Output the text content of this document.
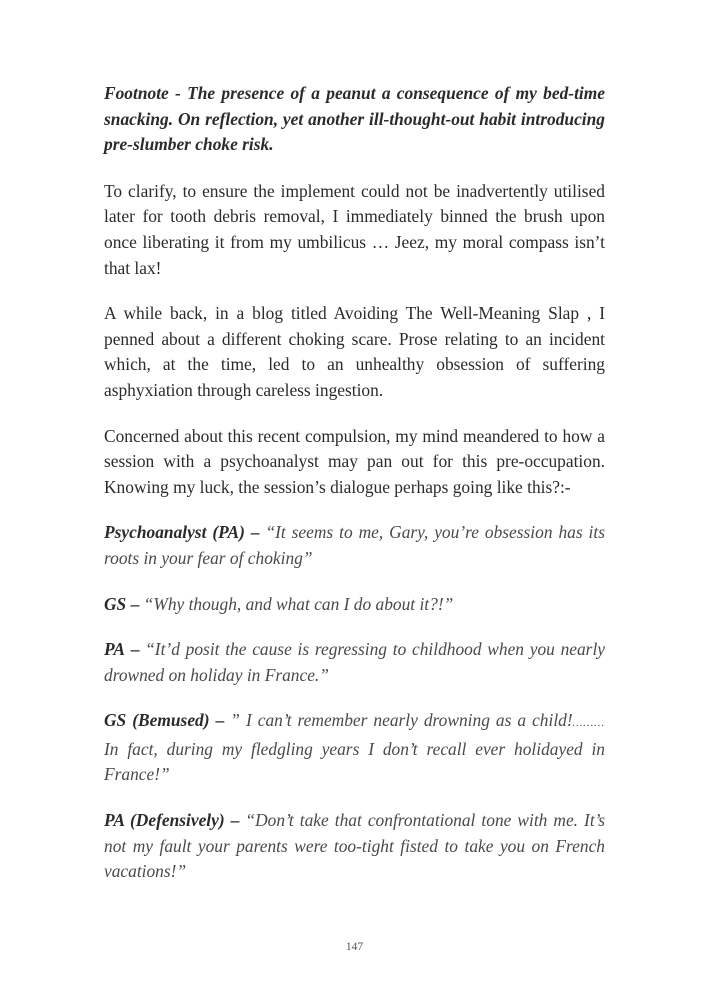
Footnote - The presence of a peanut a consequence of my bed-time snacking. On reflection, yet another ill-thought-out habit introducing pre-slumber choke risk.

To clarify, to ensure the implement could not be inadvertently utilised later for tooth debris removal, I immediately binned the brush upon once liberating it from my umbilicus … Jeez, my moral compass isn’t that lax!

A while back, in a blog titled Avoiding The Well-Meaning Slap , I penned about a different choking scare. Prose relating to an incident which, at the time, led to an unhealthy obsession of suffering asphyxiation through careless ingestion.

Concerned about this recent compulsion, my mind meandered to how a session with a psychoanalyst may pan out for this pre-occupation. Knowing my luck, the session’s dialogue perhaps going like this?:-

Psychoanalyst (PA) – “It seems to me, Gary, you’re obsession has its roots in your fear of choking”

GS – “Why though, and what can I do about it?!”

PA – “It’d posit the cause is regressing to childhood when you nearly drowned on holiday in France.”

GS (Bemused) – ” I can’t remember nearly drowning as a child!……… In fact, during my fledgling years I don’t recall ever holidayed in France!”

PA (Defensively) – “Don’t take that confrontational tone with me. It’s not my fault your parents were too-tight fisted to take you on French vacations!”

147
